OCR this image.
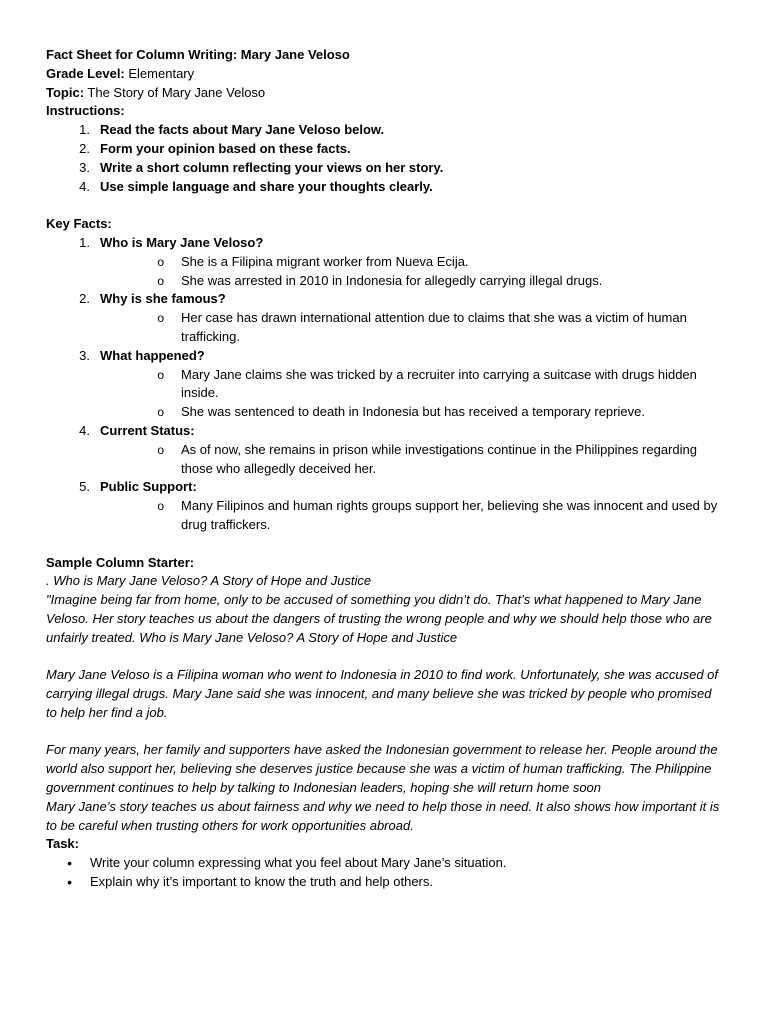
Fact Sheet for Column Writing: Mary Jane Veloso

Grade Level: Elementary

Topic: The Story of Mary Jane Veloso

Instructions:

1. Read the facts about Mary Jane Veloso below.
2. Form your opinion based on these facts.
3. Write a short column reflecting your views on her story.
4. Use simple language and share your thoughts clearly.

Key Facts:

1. Who is Mary Jane Veloso?
o	She is a Filipina migrant worker from Nueva Ecija.
o	She was arrested in 2010 in Indonesia for allegedly carrying illegal drugs.
2. Why is she famous?
o	Her case has drawn international attention due to claims that she was a victim of human trafficking.
3. What happened?
o	Mary Jane claims she was tricked by a recruiter into carrying a suitcase with drugs hidden inside.
o	She was sentenced to death in Indonesia but has received a temporary reprieve.
4. Current Status:
o	As of now, she remains in prison while investigations continue in the Philippines regarding those who allegedly deceived her.
5. Public Support:
o	Many Filipinos and human rights groups support her, believing she was innocent and used by drug traffickers.

Sample Column Starter:

. Who is Mary Jane Veloso? A Story of Hope and Justice

"Imagine being far from home, only to be accused of something you didn’t do. That’s what happened to Mary Jane Veloso. Her story teaches us about the dangers of trusting the wrong people and why we should help those who are unfairly treated. Who is Mary Jane Veloso? A Story of Hope and Justice

Mary Jane Veloso is a Filipina woman who went to Indonesia in 2010 to find work. Unfortunately, she was accused of carrying illegal drugs. Mary Jane said she was innocent, and many believe she was tricked by people who promised to help her find a job.

For many years, her family and supporters have asked the Indonesian government to release her. People around the world also support her, believing she deserves justice because she was a victim of human trafficking. The Philippine government continues to help by talking to Indonesian leaders, hoping she will return home soon

Mary Jane’s story teaches us about fairness and why we need to help those in need. It also shows how important it is to be careful when trusting others for work opportunities abroad.

Task:

•	Write your column expressing what you feel about Mary Jane’s situation.
•	Explain why it’s important to know the truth and help others.
